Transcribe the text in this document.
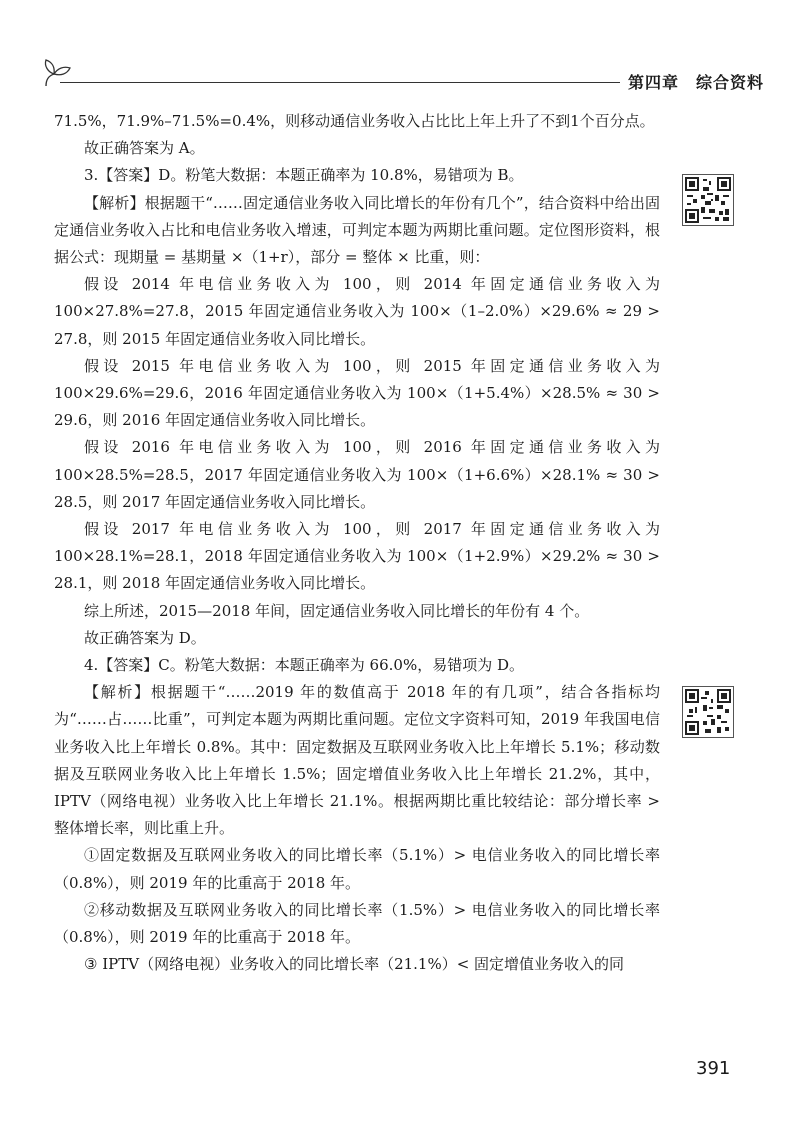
第四章　综合资料

71.5%，71.9%–71.5%=0.4%，则移动通信业务收入占比比上年上升了不到1个百分点。

故正确答案为 A。

3.【答案】D。粉笔大数据：本题正确率为 10.8%，易错项为 B。

【解析】根据题干“……固定通信业务收入同比增长的年份有几个”，结合资料中给出固定通信业务收入占比和电信业务收入增速，可判定本题为两期比重问题。定位图形资料，根据公式：现期量 = 基期量 ×（1+r），部分 = 整体 × 比重，则：

假设 2014 年电信业务收入为 100，则 2014 年固定通信业务收入为 100×27.8%=27.8，2015 年固定通信业务收入为 100×（1–2.0%）×29.6% ≈ 29 > 27.8，则 2015 年固定通信业务收入同比增长。

假设 2015 年电信业务收入为 100，则 2015 年固定通信业务收入为 100×29.6%=29.6，2016 年固定通信业务收入为 100×（1+5.4%）×28.5% ≈ 30 > 29.6，则 2016 年固定通信业务收入同比增长。

假设 2016 年电信业务收入为 100，则 2016 年固定通信业务收入为 100×28.5%=28.5，2017 年固定通信业务收入为 100×（1+6.6%）×28.1% ≈ 30 > 28.5，则 2017 年固定通信业务收入同比增长。

假设 2017 年电信业务收入为 100，则 2017 年固定通信业务收入为 100×28.1%=28.1，2018 年固定通信业务收入为 100×（1+2.9%）×29.2% ≈ 30 > 28.1，则 2018 年固定通信业务收入同比增长。

综上所述，2015—2018 年间，固定通信业务收入同比增长的年份有 4 个。

故正确答案为 D。

4.【答案】C。粉笔大数据：本题正确率为 66.0%，易错项为 D。

【解析】根据题干“……2019 年的数值高于 2018 年的有几项”，结合各指标均为“……占……比重”，可判定本题为两期比重问题。定位文字资料可知，2019 年我国电信业务收入比上年增长 0.8%。其中：固定数据及互联网业务收入比上年增长 5.1%；移动数据及互联网业务收入比上年增长 1.5%；固定增值业务收入比上年增长 21.2%，其中，IPTV（网络电视）业务收入比上年增长 21.1%。根据两期比重比较结论：部分增长率 > 整体增长率，则比重上升。

①固定数据及互联网业务收入的同比增长率（5.1%）> 电信业务收入的同比增长率（0.8%），则 2019 年的比重高于 2018 年。

②移动数据及互联网业务收入的同比增长率（1.5%）> 电信业务收入的同比增长率（0.8%），则 2019 年的比重高于 2018 年。

③ IPTV（网络电视）业务收入的同比增长率（21.1%）< 固定增值业务收入的同

391
